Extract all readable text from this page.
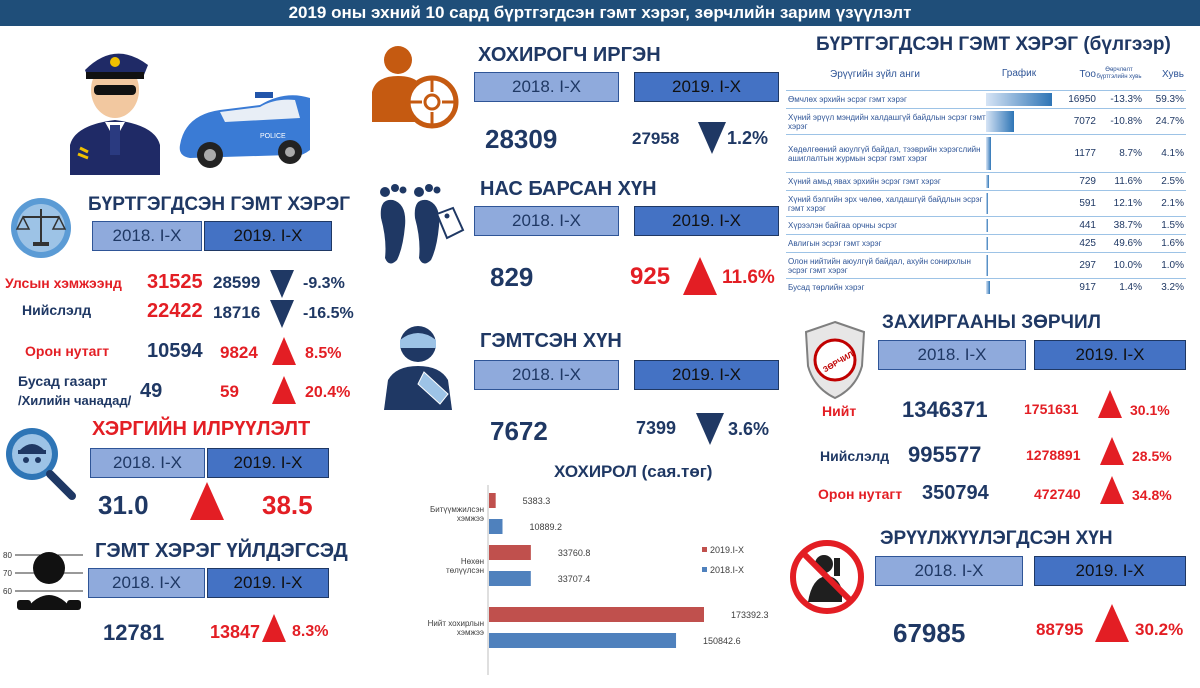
2019 оны эхний 10 сард бүртгэгдсэн гэмт хэрэг, зөрчлийн зарим үзүүлэлт
POLICE
БҮРТГЭГДСЭН ГЭМТ ХЭРЭГ
2018. I-X	2019. I-X
Улсын хэмжээнд 31525 28599	-9.3%
Нийслэлд	22422 18716	-16.5%
Орон нутагт 10594 9824	8.5%
Бусад газарт
/Хилийн чанадад/ 49	59	20.4%
ХЭРГИЙН ИЛРҮҮЛЭЛТ
2018. I-X	2019. I-X
31.0	38.5
80
70
60
ГЭМТ ХЭРЭГ ҮЙЛДЭГСЭД
2018. I-X	2019. I-X
12781	13847 8.3%
ХОХИРОГЧ ИРГЭН
2018. I-X	2019. I-X
28309	27958	1.2%
НАС БАРСАН ХҮН
2018. I-X	2019. I-X
829	925	11.6%
ГЭМТСЭН ХҮН
2018. I-X	2019. I-X
7672	7399	3.6%
ХОХИРОЛ (сая.төг)
Битүүмжилсэн хэмжээ
5383.3
10889.2
Нөхөн төлүүлсэн
33760.8
33707.4
Нийт хохирлын хэмжээ
173392.3
150842.6
2019.I-X
2018.I-X
БҮРТГЭГДСЭН ГЭМТ ХЭРЭГ (бүлгээр)
Эрүүгийн зүйл анги	График	Тоо	Өөрчлөлт бүртгэлийн хувь	Хувь
Өмчлөх эрхийн эсрэг гэмт хэрэг	16950	-13.3%	59.3%
Хүний эрүүл мэндийн халдашгүй байдлын эсрэг гэмт хэрэг	7072	-10.8%	24.7%
Хөдөлгөөний аюулгүй байдал, тээврийн хэрэгслийн ашиглалтын журмын эсрэг гэмт хэрэг	1177	8.7%	4.1%
Хүний амьд явах эрхийн эсрэг гэмт хэрэг	729	11.6%	2.5%
Хүний бэлгийн эрх чөлөө, халдашгүй байдлын эсрэг гэмт хэрэг	591	12.1%	2.1%
Хүрээлэн байгаа орчны эсрэг	441	38.7%	1.5%
Авлигын эсрэг гэмт хэрэг	425	49.6%	1.6%
Олон нийтийн аюулгүй байдал, ахуйн сонирхлын эсрэг гэмт хэрэг	297	10.0%	1.0%
Бусад төрлийн хэрэг	917	1.4%	3.2%
ЗӨРЧИЛ
ЗАХИРГААНЫ ЗӨРЧИЛ
2018. I-X	2019. I-X
Нийт 1346371	1751631	30.1%
Нийслэлд 995577	1278891	28.5%
Орон нутагт 350794	472740	34.8%
ЭРҮҮЛЖҮҮЛЭГДСЭН ХҮН
2018. I-X	2019. I-X
67985	88795	30.2%
